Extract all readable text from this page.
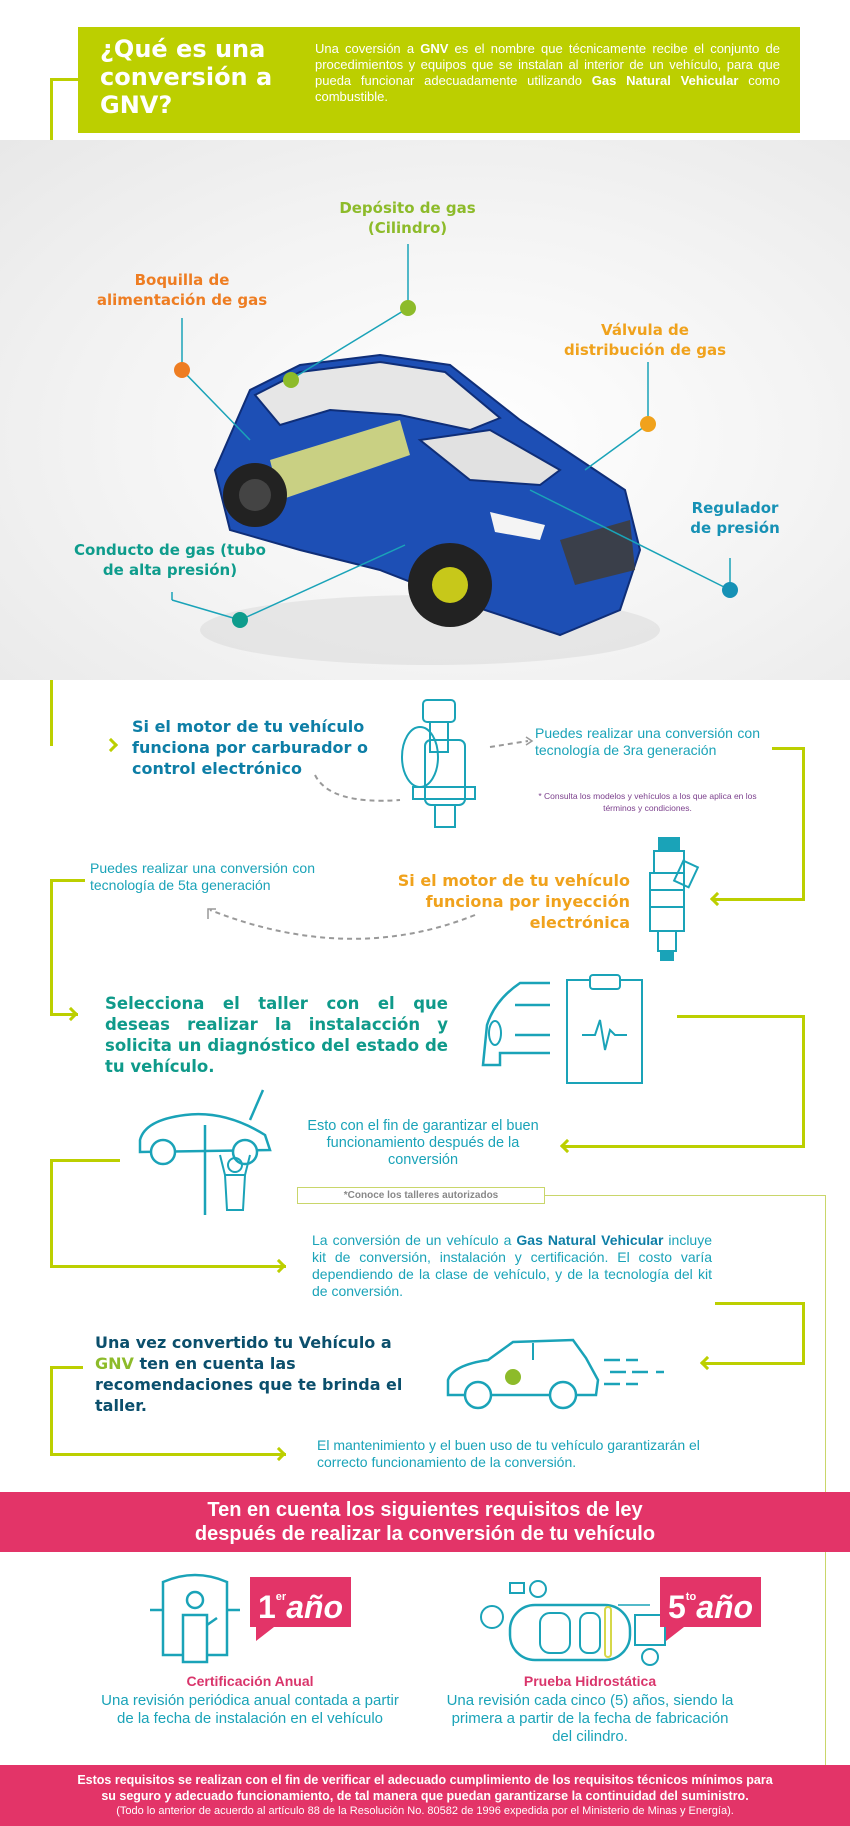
¿Qué es una conversión a GNV?
Una coversión a GNV es el nombre que técnicamente recibe el conjunto de procedimientos y equipos que se instalan al interior de un vehículo, para que pueda funcionar adecuadamente utilizando Gas Natural Vehicular como combustible.
Depósito de gas (Cilindro)
Boquilla de alimentación de gas
Válvula de distribución de gas
Regulador de presión
Conducto de gas (tubo de alta presión)
Si el motor de tu vehículo funciona por carburador o control electrónico
Puedes realizar una conversión con tecnología de 3ra generación
* Consulta los modelos y vehículos a los que aplica en los términos y condiciones.
Si el motor de tu vehículo funciona por inyección electrónica
Puedes realizar una conversión con tecnología de 5ta generación
Selecciona el taller con el que deseas realizar la instalacción y solicita un diagnóstico del estado de tu vehículo.
Esto con el fin de garantizar el buen funcionamiento después de la conversión
*Conoce los talleres autorizados
La conversión de un vehículo a Gas Natural Vehicular incluye kit de conversión, instalación y certificación. El costo varía dependiendo de la clase de vehículo, y de la tecnología del kit de conversión.
Una vez convertido tu Vehículo a GNV ten en cuenta las recomendaciones que te brinda el taller.
El mantenimiento y el buen uso de tu vehículo garantizarán el correcto funcionamiento de la conversión.
Ten en cuenta los siguientes requisitos de ley
después de realizar la conversión de tu vehículo
1eraño
Certificación Anual
Una revisión periódica anual contada a partir de la fecha de instalación en el vehículo
$5^{to}año$
Prueba Hidrostática
Una revisión cada cinco (5) años, siendo la primera a partir de la fecha de fabricación del cilindro.
Estos requisitos se realizan con el fin de verificar el adecuado cumplimiento de los requisitos técnicos mínimos para
su seguro y adecuado funcionamiento, de tal manera que puedan garantizarse la continuidad del suministro.
(Todo lo anterior de acuerdo al artículo 88 de la Resolución No. 80582 de 1996 expedida por el Ministerio de Minas y Energía).
